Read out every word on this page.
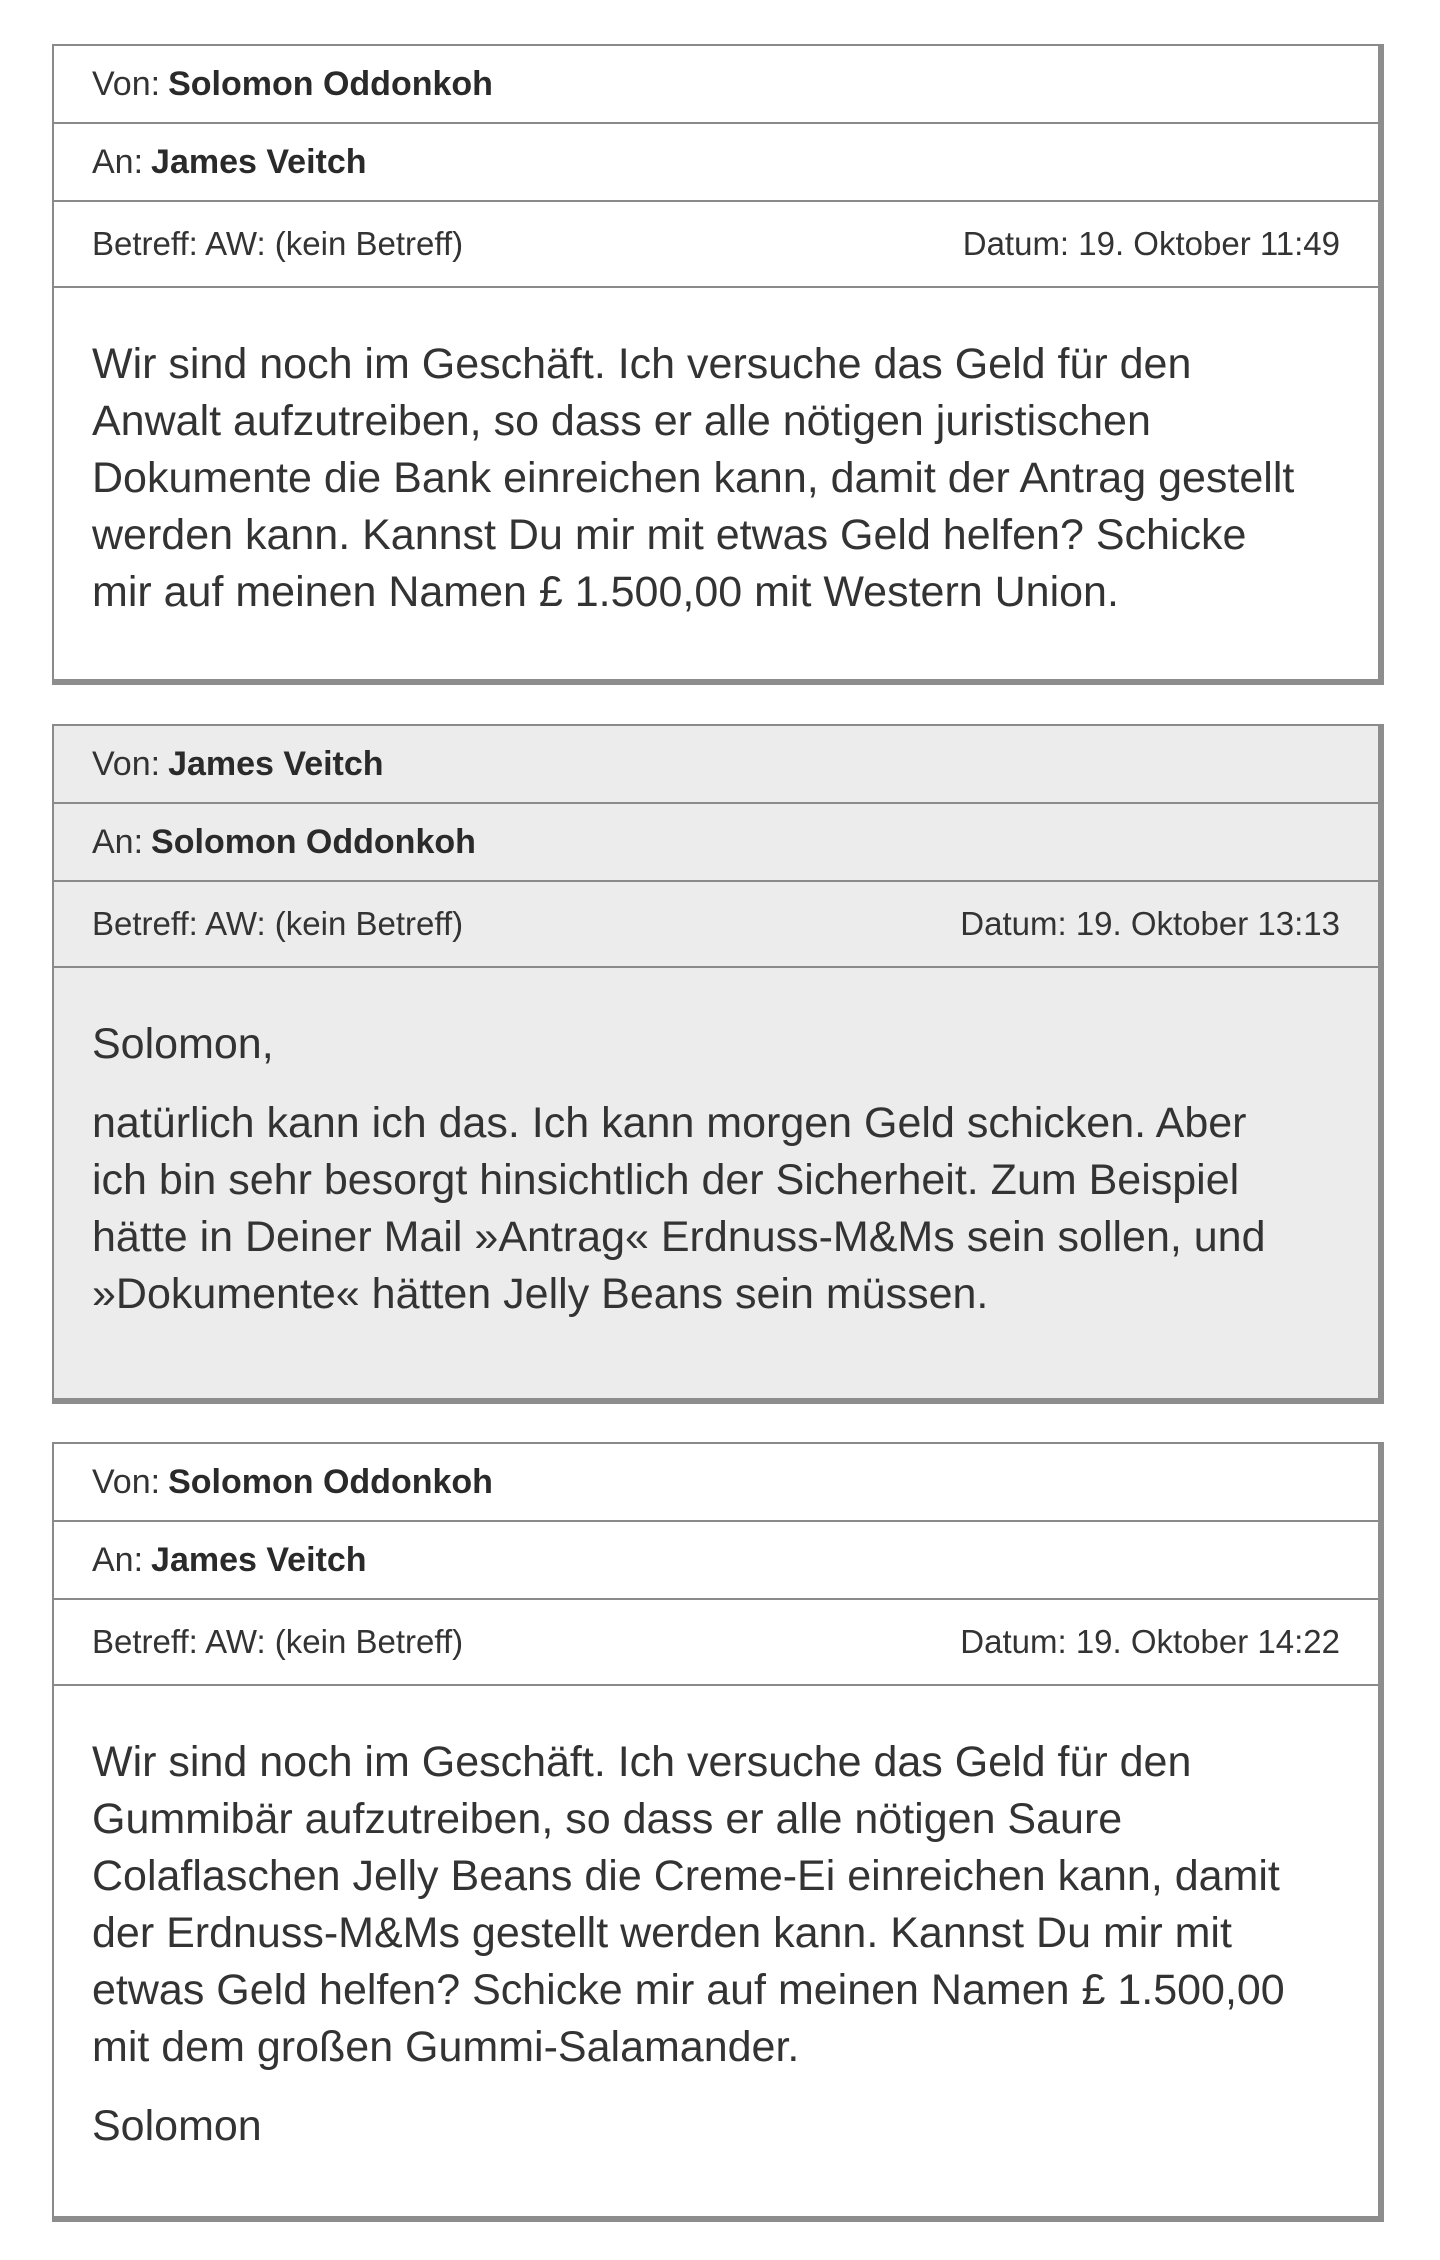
Von: Solomon Oddonkoh
An: James Veitch
Betreff: AW: (kein Betreff)	Datum: 19. Oktober 11:49

Wir sind noch im Geschäft. Ich versuche das Geld für den
Anwalt aufzutreiben, so dass er alle nötigen juristischen
Dokumente die Bank einreichen kann, damit der Antrag gestellt
werden kann. Kannst Du mir mit etwas Geld helfen? Schicke
mir auf meinen Namen £ 1.500,00 mit Western Union.

Von: James Veitch
An: Solomon Oddonkoh
Betreff: AW: (kein Betreff)	Datum: 19. Oktober 13:13

Solomon,

natürlich kann ich das. Ich kann morgen Geld schicken. Aber
ich bin sehr besorgt hinsichtlich der Sicherheit. Zum Beispiel
hätte in Deiner Mail »Antrag« Erdnuss-M&Ms sein sollen, und
»Dokumente« hätten Jelly Beans sein müssen.

Von: Solomon Oddonkoh
An: James Veitch
Betreff: AW: (kein Betreff)	Datum: 19. Oktober 14:22

Wir sind noch im Geschäft. Ich versuche das Geld für den
Gummibär aufzutreiben, so dass er alle nötigen Saure
Colaflaschen Jelly Beans die Creme-Ei einreichen kann, damit
der Erdnuss-M&Ms gestellt werden kann. Kannst Du mir mit
etwas Geld helfen? Schicke mir auf meinen Namen £ 1.500,00
mit dem großen Gummi-Salamander.

Solomon
